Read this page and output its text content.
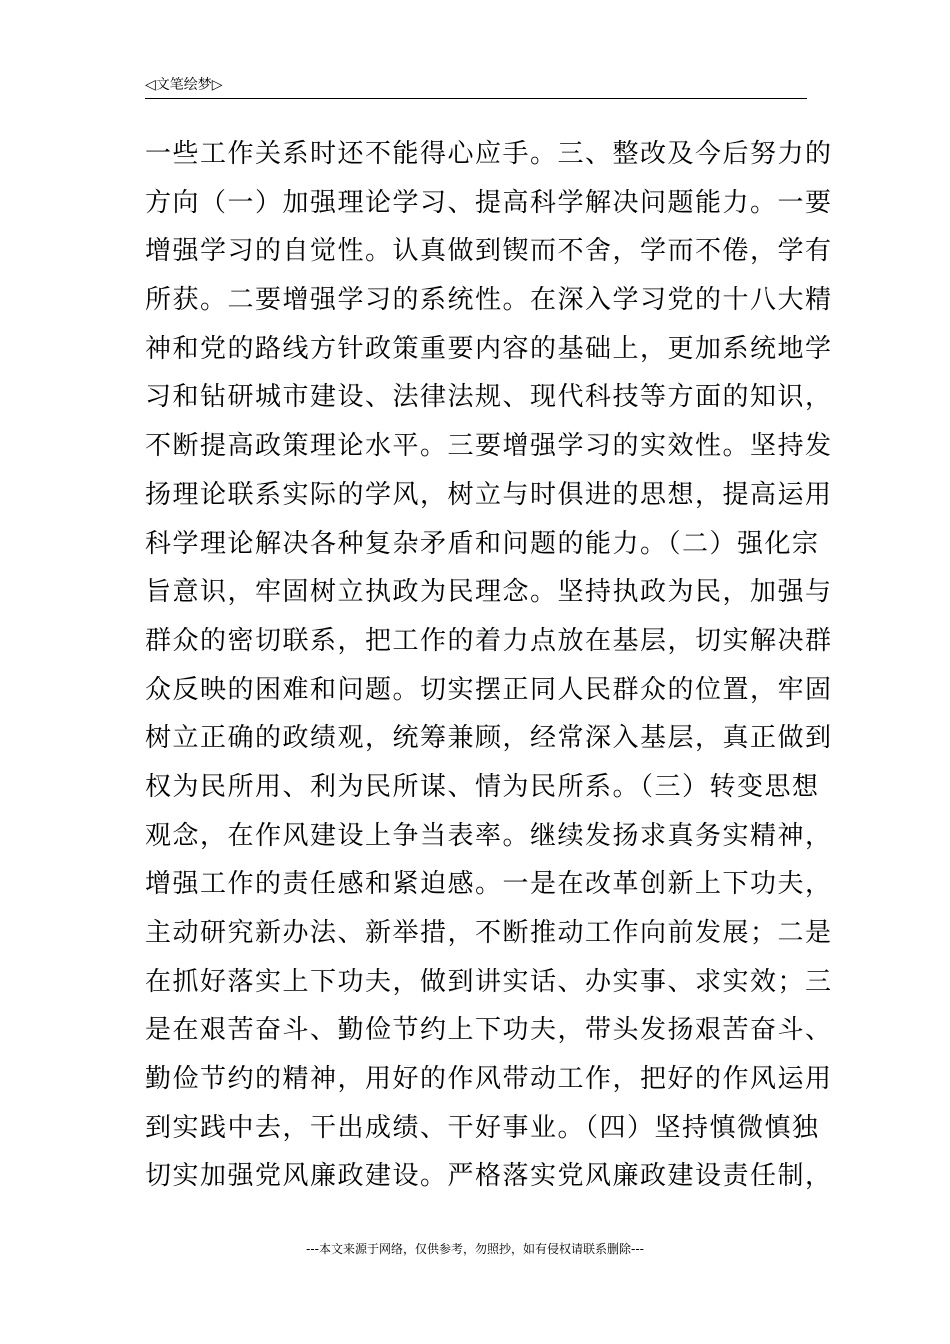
◁文笔绘梦▷
一些工作关系时还不能得心应手。三、整改及今后努力的
方向（一）加强理论学习、提高科学解决问题能力。一要
增强学习的自觉性。认真做到锲而不舍，学而不倦，学有
所获。二要增强学习的系统性。在深入学习党的十八大精
神和党的路线方针政策重要内容的基础上，更加系统地学
习和钻研城市建设、法律法规、现代科技等方面的知识，
不断提高政策理论水平。三要增强学习的实效性。坚持发
扬理论联系实际的学风，树立与时俱进的思想，提高运用
科学理论解决各种复杂矛盾和问题的能力。（二）强化宗
旨意识，牢固树立执政为民理念。坚持执政为民，加强与
群众的密切联系，把工作的着力点放在基层，切实解决群
众反映的困难和问题。切实摆正同人民群众的位置，牢固
树立正确的政绩观，统筹兼顾，经常深入基层，真正做到
权为民所用、利为民所谋、情为民所系。（三）转变思想
观念，在作风建设上争当表率。继续发扬求真务实精神，
增强工作的责任感和紧迫感。一是在改革创新上下功夫，
主动研究新办法、新举措，不断推动工作向前发展；二是
在抓好落实上下功夫，做到讲实话、办实事、求实效；三
是在艰苦奋斗、勤俭节约上下功夫，带头发扬艰苦奋斗、
勤俭节约的精神，用好的作风带动工作，把好的作风运用
到实践中去，干出成绩、干好事业。（四）坚持慎微慎独
切实加强党风廉政建设。严格落实党风廉政建设责任制，
---本文来源于网络，仅供参考，勿照抄，如有侵权请联系删除---
